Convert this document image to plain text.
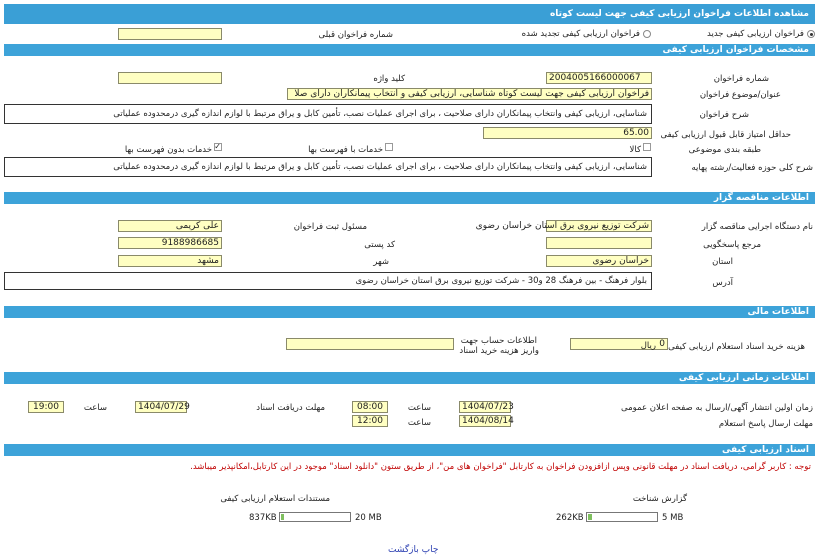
مشاهده اطلاعات فراخوان ارزیابی کیفی جهت لیست کوتاه
فراخوان ارزیابی کیفی جدید
فراخوان ارزیابی کیفی تجدید شده
شماره فراخوان قبلی
مشخصات فراخوان ارزیابی کیفی
شماره فراخوان
2004005166000067
کلید واژه
عنوان/موضوع فراخوان
فراخوان ارزیابی کیفی جهت لیست کوتاه شناسایی، ارزیابی کیفی و انتخاب پیمانکاران دارای صلا
شرح فراخوان
شناسایی، ارزیابی کیفی وانتخاب پیمانکاران دارای صلاحیت ، برای اجرای عملیات نصب، تأمین کابل و یراق مرتبط با لوازم اندازه گیری درمحدوده عملیاتی
حداقل امتیاز قابل قبول ارزیابی کیفی
65.00
طبقه بندی موضوعی
کالا
خدمات با فهرست بها
✓
خدمات بدون فهرست بها
شرح کلی حوزه فعالیت/رشته پهایه
شناسایی، ارزیابی کیفی وانتخاب پیمانکاران دارای صلاحیت ، برای اجرای عملیات نصب، تأمین کابل و یراق مرتبط با لوازم اندازه گیری درمحدوده عملیاتی
اطلاعات مناقصه گزار
نام دستگاه اجرایی مناقصه گزار
شرکت توزیع نیروی برق استان خراسان رضوی
مسئول ثبت فراخوان
علی کریمی
مرجع پاسخگویی
کد پستی
9188986685
استان
خراسان رضوی
شهر
مشهد
آدرس
بلوار فرهنگ - بین فرهنگ 28 و30 - شرکت توزیع نیروی برق استان خراسان رضوی
اطلاعات مالی
هزینه خرید اسناد استعلام ارزیابی کیفی
0
ریال
اطلاعات حساب جهت
واریز هزینه خرید اسناد
اطلاعات زمانی ارزیابی کیفی
زمان اولین انتشار آگهی/ارسال به صفحه اعلان عمومی
1404/07/23
ساعت
08:00
مهلت دریافت اسناد
1404/07/29
ساعت
19:00
مهلت ارسال پاسخ استعلام
1404/08/14
ساعت
12:00
اسناد ارزیابی کیفی
توجه : کاربر گرامی، دریافت اسناد در مهلت قانونی وپس ازافزودن فراخوان به کارتابل "فراخوان های من"، از طریق ستون "دانلود اسناد" موجود در این کارتابل،امکانپذیر میباشد.
گزارش شناخت
262KB	5 MB
مستندات استعلام ارزیابی کیفی
837KB	20 MB
چاپ بازگشت
